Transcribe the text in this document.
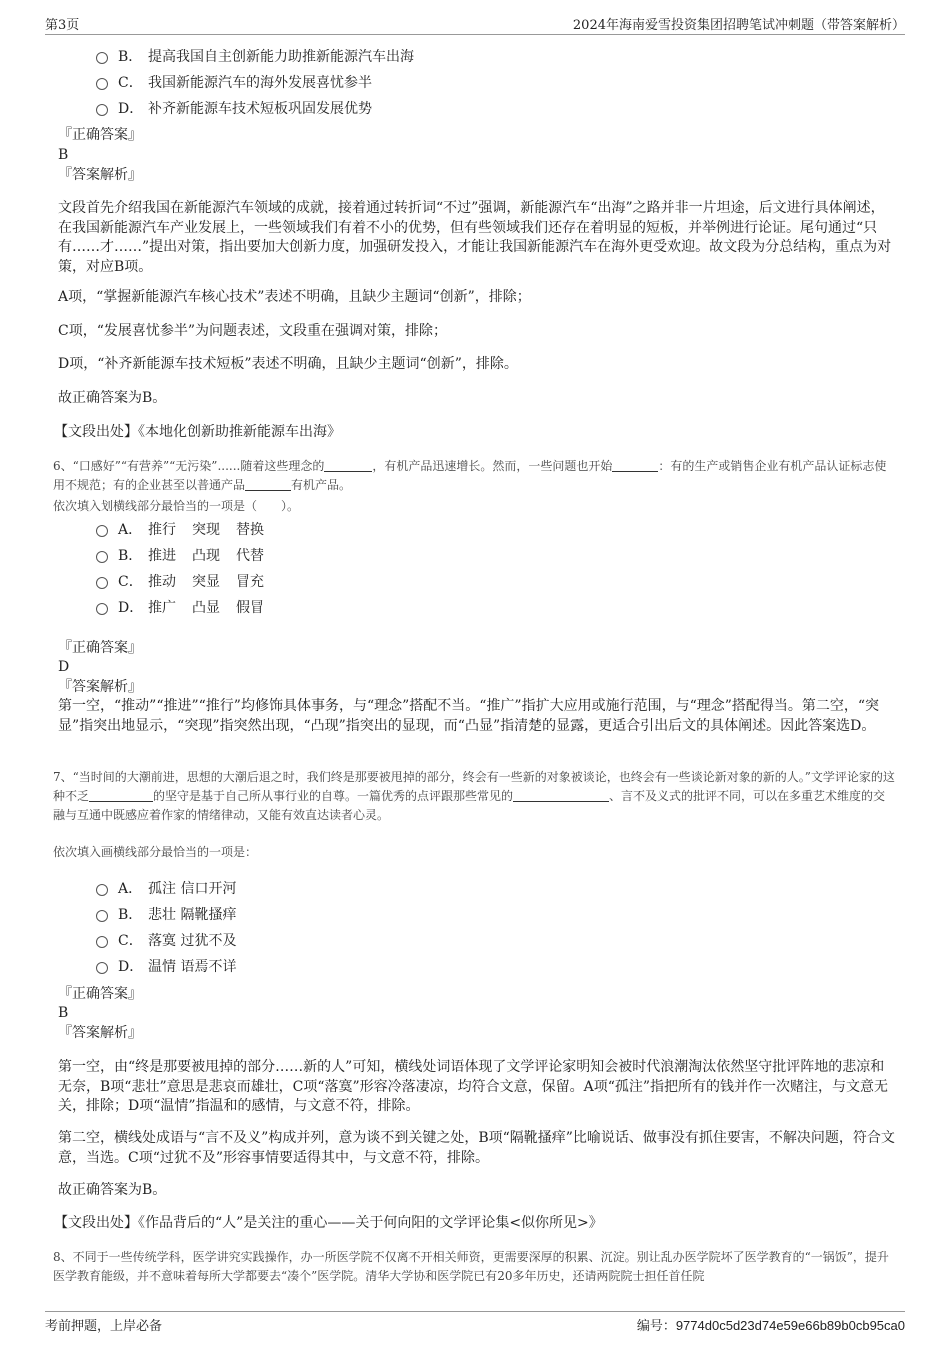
第3页	2024年海南爱雪投资集团招聘笔试冲刺题（带答案解析）
B． 提高我国自主创新能力助推新能源汽车出海
C． 我国新能源汽车的海外发展喜忧参半
D． 补齐新能源车技术短板巩固发展优势
『正确答案』
B
『答案解析』
文段首先介绍我国在新能源汽车领域的成就，接着通过转折词“不过”强调，新能源汽车“出海”之路并非一片坦途，后文进行具体阐述，在我国新能源汽车产业发展上，一些领域我们有着不小的优势，但有些领域我们还存在着明显的短板，并举例进行论证。尾句通过“只有……才……”提出对策，指出要加大创新力度，加强研发投入，才能让我国新能源汽车在海外更受欢迎。故文段为分总结构，重点为对策，对应B项。
A项，“掌握新能源汽车核心技术”表述不明确，且缺少主题词“创新”，排除；
C项，“发展喜忧参半”为问题表述，文段重在强调对策，排除；
D项，“补齐新能源车技术短板”表述不明确，且缺少主题词“创新”，排除。
故正确答案为B。
【文段出处】《本地化创新助推新能源车出海》
6、“口感好”“有营养”“无污染”......随着这些理念的	，有机产品迅速增长。然而，一些问题也开始	：有的生产或销售企业有机产品认证标志使用不规范；有的企业甚至以普通产品	有机产品。
依次填入划横线部分最恰当的一项是（　　）。
A． 推行 突现 替换
B． 推进 凸现 代替
C． 推动 突显 冒充
D． 推广 凸显 假冒
『正确答案』
D
『答案解析』
第一空，“推动”“推进”“推行”均修饰具体事务，与“理念”搭配不当。“推广”指扩大应用或施行范围，与“理念”搭配得当。第二空，“突显”指突出地显示，“突现”指突然出现，“凸现”指突出的显现，而“凸显”指清楚的显露，更适合引出后文的具体阐述。因此答案选D。
7、“当时间的大潮前进，思想的大潮后退之时，我们终是那要被甩掉的部分，终会有一些新的对象被谈论，也终会有一些谈论新对象的新的人。”文学评论家的这种不乏	的坚守是基于自己所从事行业的自尊。一篇优秀的点评跟那些常见的	、言不及义式的批评不同，可以在多重艺术维度的交融与互通中既感应着作家的情绪律动，又能有效直达读者心灵。
依次填入画横线部分最恰当的一项是：
A． 孤注 信口开河
B． 悲壮 隔靴搔痒
C． 落寞 过犹不及
D． 温情 语焉不详
『正确答案』
B
『答案解析』
第一空，由“终是那要被甩掉的部分……新的人”可知，横线处词语体现了文学评论家明知会被时代浪潮淘汰依然坚守批评阵地的悲凉和无奈，B项“悲壮”意思是悲哀而雄壮，C项“落寞”形容冷落凄凉，均符合文意，保留。A项“孤注”指把所有的钱并作一次赌注，与文意无关，排除；D项“温情”指温和的感情，与文意不符，排除。
第二空，横线处成语与“言不及义”构成并列，意为谈不到关键之处，B项“隔靴搔痒”比喻说话、做事没有抓住要害，不解决问题，符合文意，当选。C项“过犹不及”形容事情要适得其中，与文意不符，排除。
故正确答案为B。
【文段出处】《作品背后的“人”是关注的重心——关于何向阳的文学评论集<似你所见>》
8、不同于一些传统学科，医学讲究实践操作，办一所医学院不仅离不开相关师资，更需要深厚的积累、沉淀。别让乱办医学院坏了医学教育的“一锅饭”，提升医学教育能级，并不意味着每所大学都要去“凑个”医学院。清华大学协和医学院已有20多年历史，还请两院院士担任首任院
考前押题，上岸必备	编号：9774d0c5d23d74e59e66b89b0cb95ca0
